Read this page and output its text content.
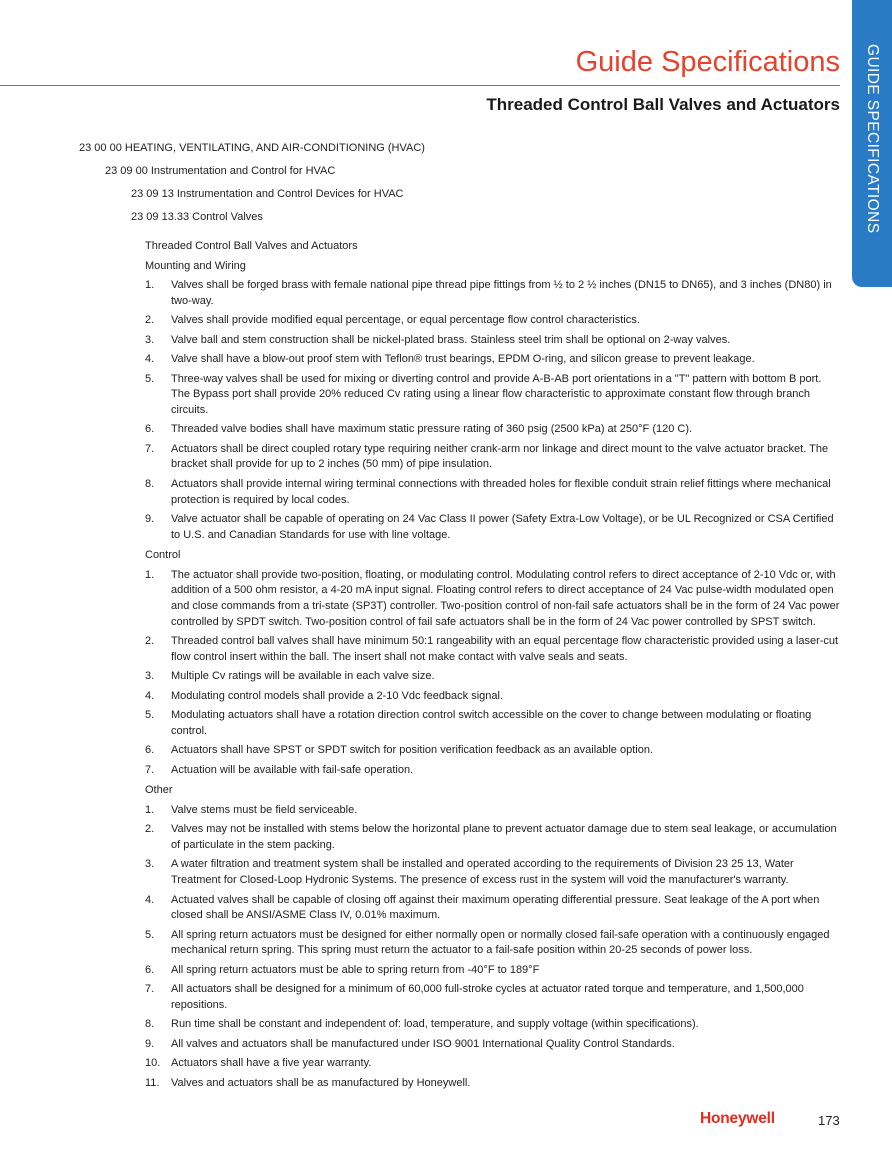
Guide Specifications
Threaded Control Ball Valves and Actuators GUIDE SPECIFICATIONS
23 00 00 HEATING, VENTILATING, AND AIR-CONDITIONING (HVAC)
23 09 00 Instrumentation and Control for HVAC
23 09 13 Instrumentation and Control Devices for HVAC
23 09 13.33 Control Valves
Threaded Control Ball Valves and Actuators
Mounting and Wiring
1.	Valves shall be forged brass with female national pipe thread pipe fittings from ½ to 2 ½ inches (DN15 to DN65), and 3 inches (DN80) in two-way.
2.	Valves shall provide modified equal percentage, or equal percentage flow control characteristics.
3.	Valve ball and stem construction shall be nickel-plated brass. Stainless steel trim shall be optional on 2-way valves.
4.	Valve shall have a blow-out proof stem with Teflon® trust bearings, EPDM O-ring, and silicon grease to prevent leakage.
5.	Three-way valves shall be used for mixing or diverting control and provide A-B-AB port orientations in a "T" pattern with bottom B port. The Bypass port shall provide 20% reduced Cv rating using a linear flow characteristic to approximate constant flow through branch circuits.
6.	Threaded valve bodies shall have maximum static pressure rating of 360 psig (2500 kPa) at 250°F (120 C).
7.	Actuators shall be direct coupled rotary type requiring neither crank-arm nor linkage and direct mount to the valve actuator bracket. The bracket shall provide for up to 2 inches (50 mm) of pipe insulation.
8.	Actuators shall provide internal wiring terminal connections with threaded holes for flexible conduit strain relief fittings where mechanical protection is required by local codes.
9.	Valve actuator shall be capable of operating on 24 Vac Class II power (Safety Extra-Low Voltage), or be UL Recognized or CSA Certified to U.S. and Canadian Standards for use with line voltage.
Control
1.	The actuator shall provide two-position, floating, or modulating control. Modulating control refers to direct acceptance of 2-10 Vdc or, with addition of a 500 ohm resistor, a 4-20 mA input signal. Floating control refers to direct acceptance of 24 Vac pulse-width modulated open and close commands from a tri-state (SP3T) controller. Two-position control of non-fail safe actuators shall be in the form of 24 Vac power controlled by SPDT switch. Two-position control of fail safe actuators shall be in the form of 24 Vac power controlled by SPST switch.
2.	Threaded control ball valves shall have minimum 50:1 rangeability with an equal percentage flow characteristic provided using a laser-cut flow control insert within the ball. The insert shall not make contact with valve seals and seats.
3.	Multiple Cv ratings will be available in each valve size.
4.	Modulating control models shall provide a 2-10 Vdc feedback signal.
5.	Modulating actuators shall have a rotation direction control switch accessible on the cover to change between modulating or floating control.
6.	Actuators shall have SPST or SPDT switch for position verification feedback as an available option.
7.	Actuation will be available with fail-safe operation.
Other
1.	Valve stems must be field serviceable.
2.	Valves may not be installed with stems below the horizontal plane to prevent actuator damage due to stem seal leakage, or accumulation of particulate in the stem packing.
3.	A water filtration and treatment system shall be installed and operated according to the requirements of Division 23 25 13, Water Treatment for Closed-Loop Hydronic Systems. The presence of excess rust in the system will void the manufacturer's warranty.
4.	Actuated valves shall be capable of closing off against their maximum operating differential pressure. Seat leakage of the A port when closed shall be ANSI/ASME Class IV, 0.01% maximum.
5.	All spring return actuators must be designed for either normally open or normally closed fail-safe operation with a continuously engaged mechanical return spring. This spring must return the actuator to a fail-safe position within 20-25 seconds of power loss.
6.	All spring return actuators must be able to spring return from -40°F to 189°F
7.	All actuators shall be designed for a minimum of 60,000 full-stroke cycles at actuator rated torque and temperature, and 1,500,000 repositions.
8.	Run time shall be constant and independent of: load, temperature, and supply voltage (within specifications).
9.	All valves and actuators shall be manufactured under ISO 9001 International Quality Control Standards.
10. Actuators shall have a five year warranty.
11.	Valves and actuators shall be as manufactured by Honeywell.
Honeywell	173
